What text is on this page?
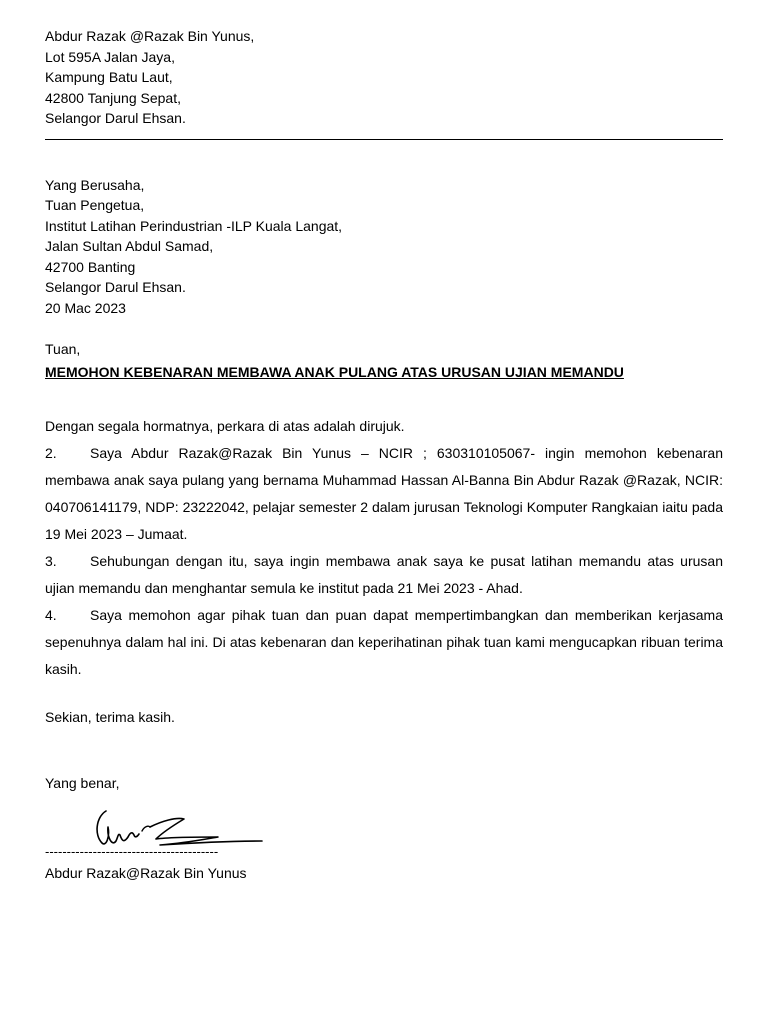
Abdur Razak @Razak Bin Yunus,
Lot 595A Jalan Jaya,
Kampung Batu Laut,
42800 Tanjung Sepat,
Selangor Darul Ehsan.
Yang Berusaha,
Tuan Pengetua,
Institut Latihan Perindustrian -ILP Kuala Langat,
Jalan Sultan Abdul Samad,
42700 Banting
Selangor Darul Ehsan.
20 Mac 2023
Tuan,
MEMOHON KEBENARAN MEMBAWA ANAK PULANG ATAS URUSAN UJIAN MEMANDU

Dengan segala hormatnya, perkara di atas adalah dirujuk.

2. Saya Abdur Razak@Razak Bin Yunus – NCIR ; 630310105067- ingin memohon kebenaran membawa anak saya pulang yang bernama Muhammad Hassan Al-Banna Bin Abdur Razak @Razak, NCIR: 040706141179, NDP: 23222042, pelajar semester 2 dalam jurusan Teknologi Komputer Rangkaian iaitu pada 19 Mei 2023 – Jumaat.

3. Sehubungan dengan itu, saya ingin membawa anak saya ke pusat latihan memandu atas urusan ujian memandu dan menghantar semula ke institut pada 21 Mei 2023 - Ahad.

4. Saya memohon agar pihak tuan dan puan dapat mempertimbangkan dan memberikan kerjasama sepenuhnya dalam hal ini. Di atas kebenaran dan keperihatinan pihak tuan kami mengucapkan ribuan terima kasih.

Sekian, terima kasih.
Yang benar,
----------------------------------------
Abdur Razak@Razak Bin Yunus
